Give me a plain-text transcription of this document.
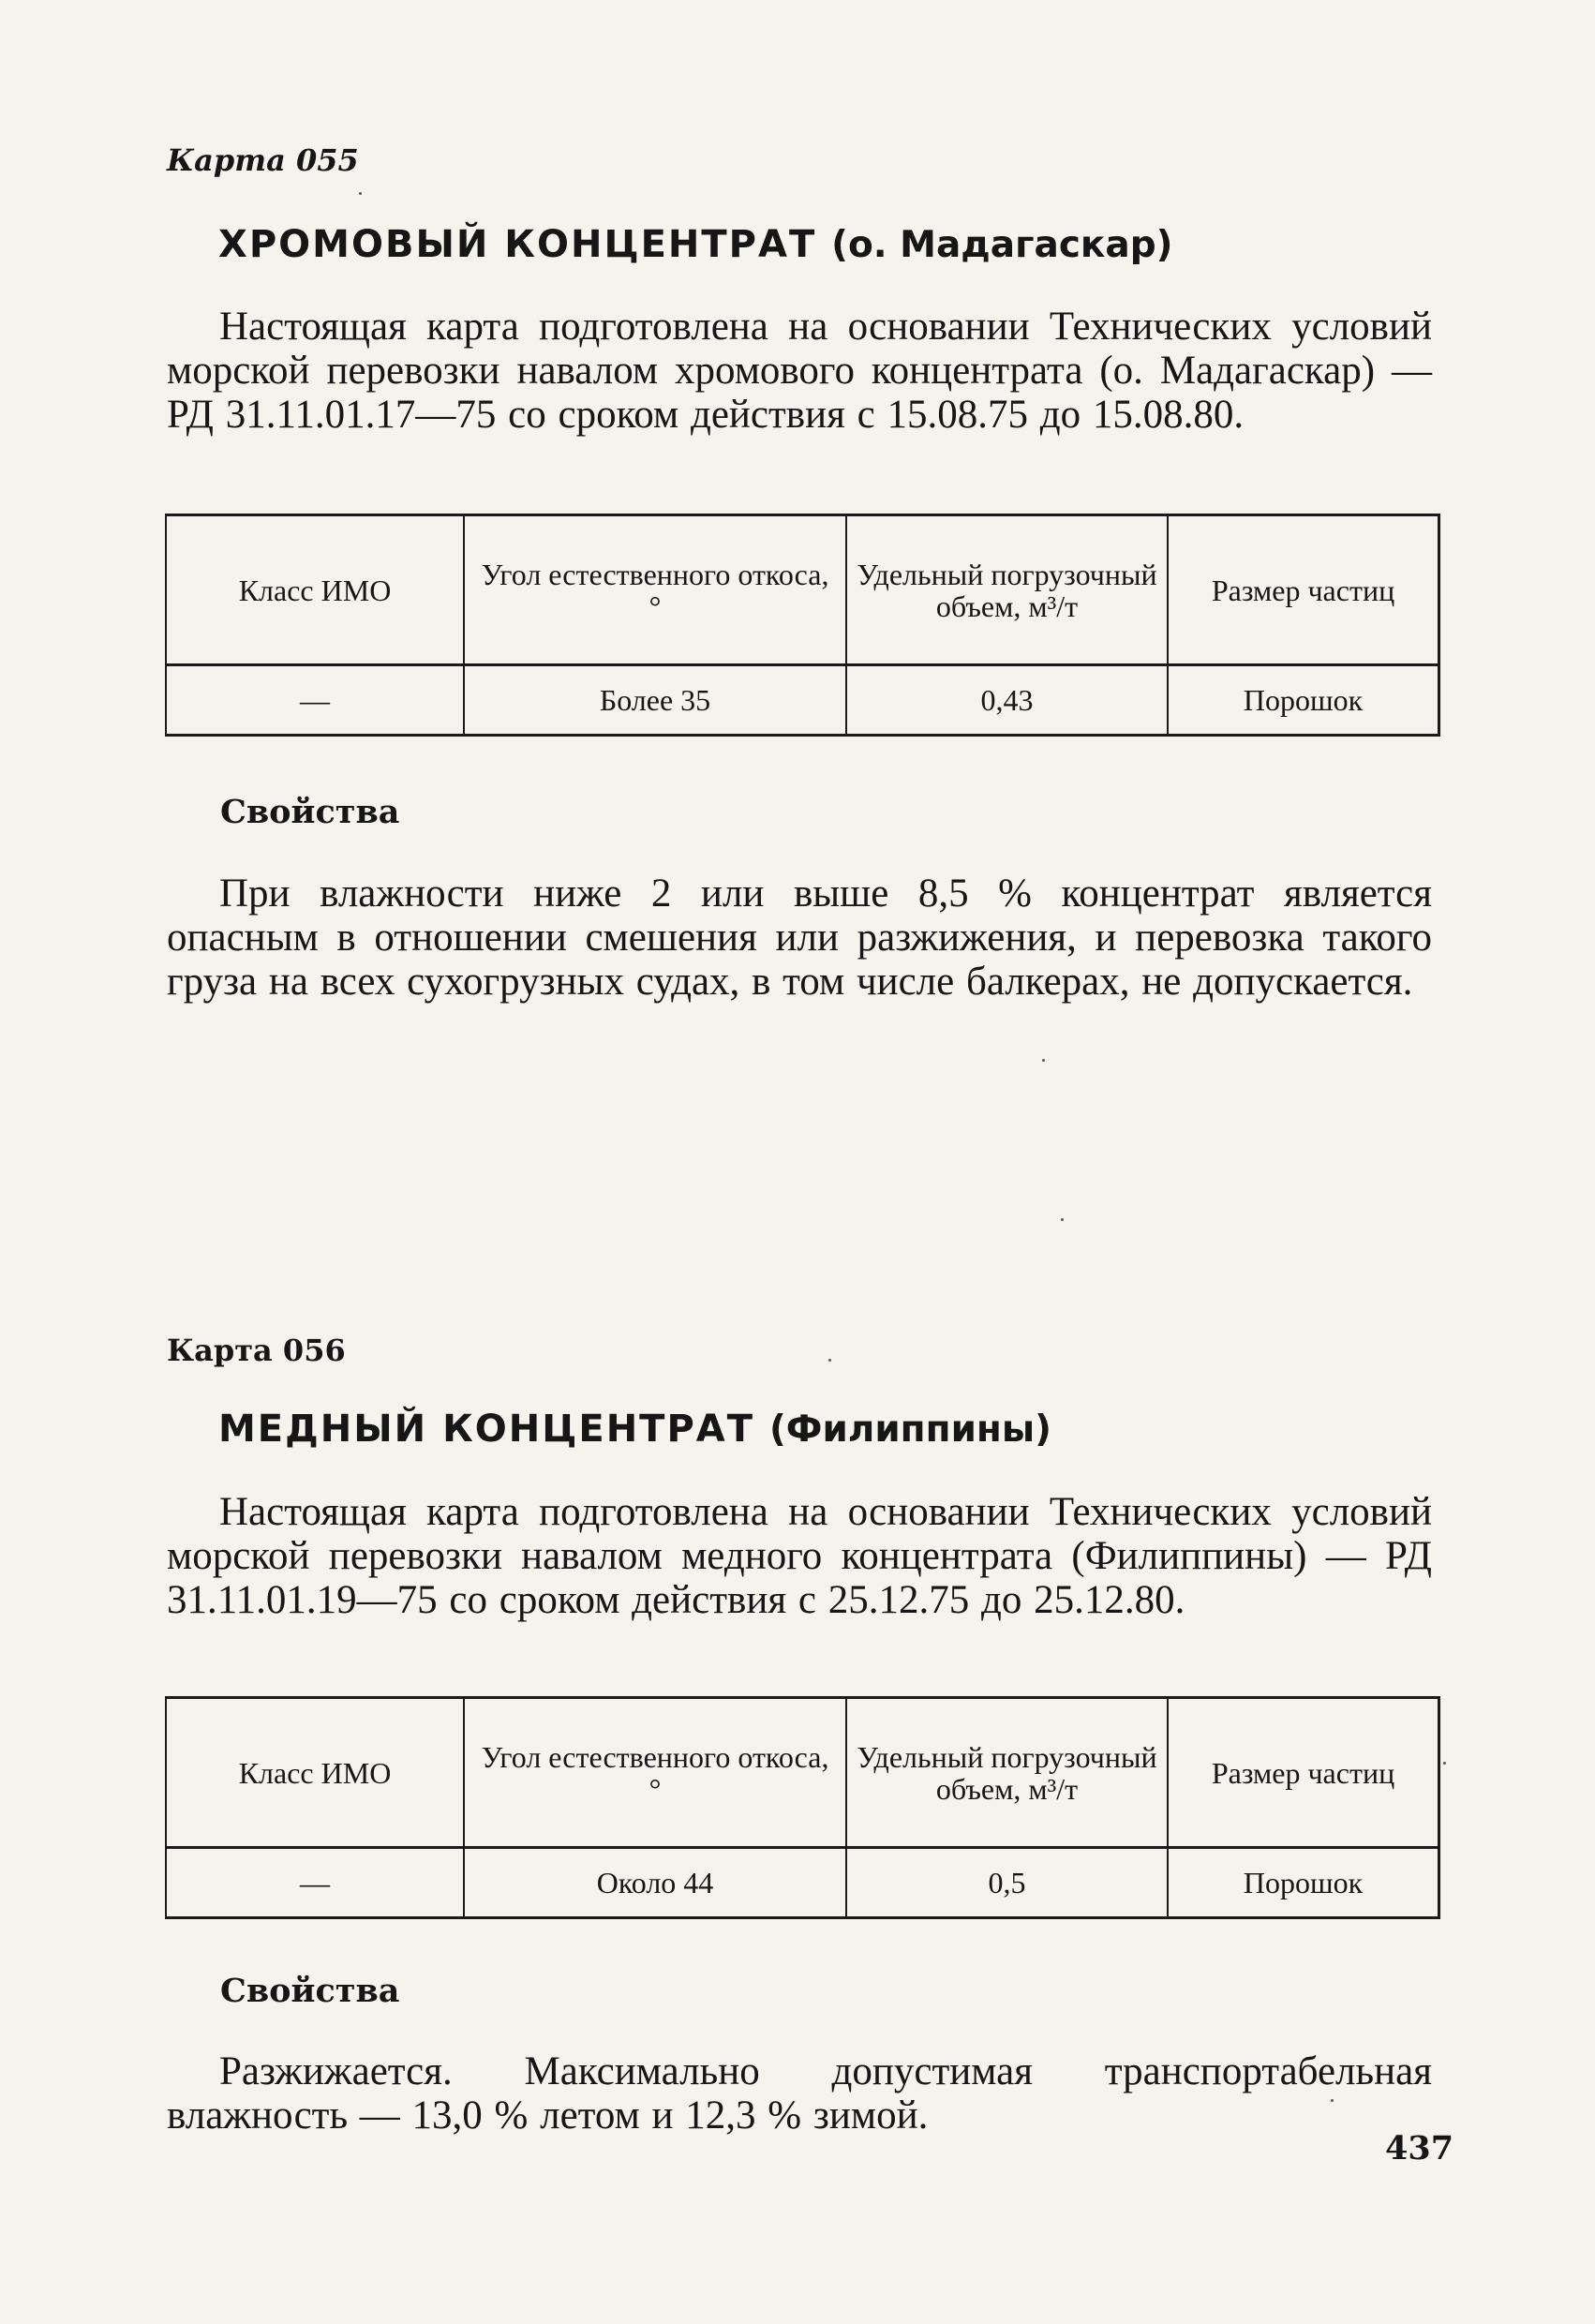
Карта 055
ХРОМОВЫЙ КОНЦЕНТРАТ (о. Мадагаскар)
Настоящая карта подготовлена на основании Технических условий морской перевозки навалом хромового концентрата (о. Мадагаскар) — РД 31.11.01.17—75 со сроком действия с 15.08.75 до 15.08.80.
Класс ИМО	Угол естественного откоса, °	Удельный погрузочный объем, м³/т	Размер частиц
—	Более 35	0,43	Порошок
Свойства
При влажности ниже 2 или выше 8,5 % концентрат является опасным в отношении смешения или разжижения, и перевозка такого груза на всех сухогрузных судах, в том числе балкерах, не допускается.
Карта 056
МЕДНЫЙ КОНЦЕНТРАТ (Филиппины)
Настоящая карта подготовлена на основании Технических условий морской перевозки навалом медного концентрата (Филиппины) — РД 31.11.01.19—75 со сроком действия с 25.12.75 до 25.12.80.
Класс ИМО	Угол естественного откоса, °	Удельный погрузочный объем, м³/т	Размер частиц
—	Около 44	0,5	Порошок
Свойства
Разжижается. Максимально допустимая транспортабельная влажность — 13,0 % летом и 12,3 % зимой.
437
